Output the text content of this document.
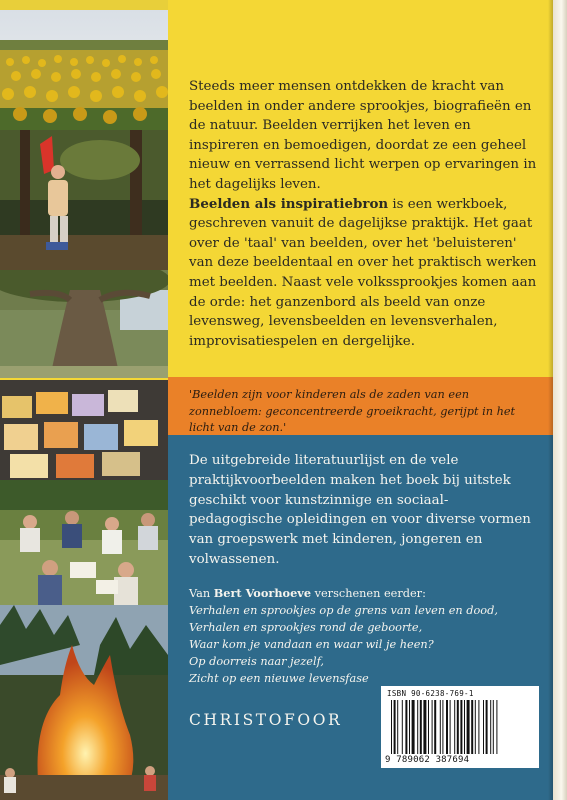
Steeds meer mensen ontdekken de kracht van beelden in onder andere sprookjes, biografieën en de natuur. Beelden verrijken het leven en inspireren en bemoedigen, doordat ze een geheel nieuw en verrassend licht werpen op ervaringen in het dagelijks leven.
Beelden als inspiratiebron is een werkboek, geschreven vanuit de dagelijkse praktijk. Het gaat over de 'taal' van beelden, over het 'beluisteren' van deze beeldentaal en over het praktisch werken met beelden. Naast vele volkssprookjes komen aan de orde: het ganzenbord als beeld van onze levensweg, levensbeelden en levensverhalen, improvisatiespelen en dergelijke.
'Beelden zijn voor kinderen als de zaden van een zonnebloem: geconcentreerde groeikracht, gerijpt in het licht van de zon.'
De uitgebreide literatuurlijst en de vele praktijkvoorbeelden maken het boek bij uitstek geschikt voor kunstzinnige en sociaal-pedagogische opleidingen en voor diverse vormen van groepswerk met kinderen, jongeren en volwassenen.
Van Bert Voorhoeve verschenen eerder:
Verhalen en sprookjes op de grens van leven en dood,
Verhalen en sprookjes rond de geboorte,
Waar kom je vandaan en waar wil je heen?
Op doorreis naar jezelf,
Zicht op een nieuwe levensfase
CHRISTOFOOR
ISBN 90-6238-769-1
9 789062 387694
